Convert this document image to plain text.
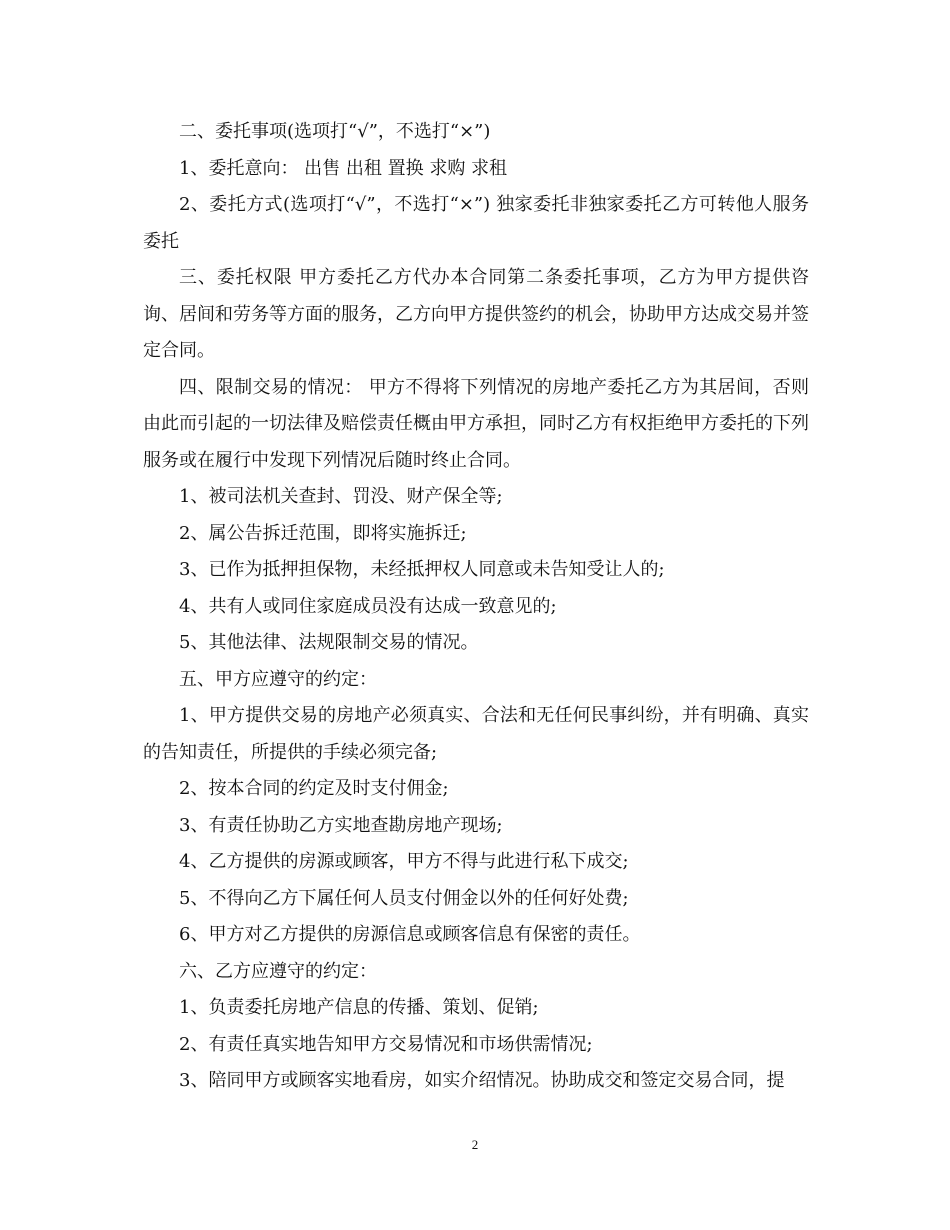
二、委托事项(选项打“√”，不选打“×”)

1、委托意向： 出售 出租 置换 求购 求租

2、委托方式(选项打“√”，不选打“×”) 独家委托非独家委托乙方可转他人服务委托

三、委托权限 甲方委托乙方代办本合同第二条委托事项，乙方为甲方提供咨询、居间和劳务等方面的服务，乙方向甲方提供签约的机会，协助甲方达成交易并签定合同。

四、限制交易的情况： 甲方不得将下列情况的房地产委托乙方为其居间，否则由此而引起的一切法律及赔偿责任概由甲方承担，同时乙方有权拒绝甲方委托的下列服务或在履行中发现下列情况后随时终止合同。

1、被司法机关查封、罚没、财产保全等;

2、属公告拆迁范围，即将实施拆迁;

3、已作为抵押担保物，未经抵押权人同意或未告知受让人的;

4、共有人或同住家庭成员没有达成一致意见的;

5、其他法律、法规限制交易的情况。

五、甲方应遵守的约定：

1、甲方提供交易的房地产必须真实、合法和无任何民事纠纷，并有明确、真实的告知责任，所提供的手续必须完备;

2、按本合同的约定及时支付佣金;

3、有责任协助乙方实地查勘房地产现场;

4、乙方提供的房源或顾客，甲方不得与此进行私下成交;

5、不得向乙方下属任何人员支付佣金以外的任何好处费;

6、甲方对乙方提供的房源信息或顾客信息有保密的责任。

六、乙方应遵守的约定：

1、负责委托房地产信息的传播、策划、促销;

2、有责任真实地告知甲方交易情况和市场供需情况;

3、陪同甲方或顾客实地看房，如实介绍情况。协助成交和签定交易合同，提

2
